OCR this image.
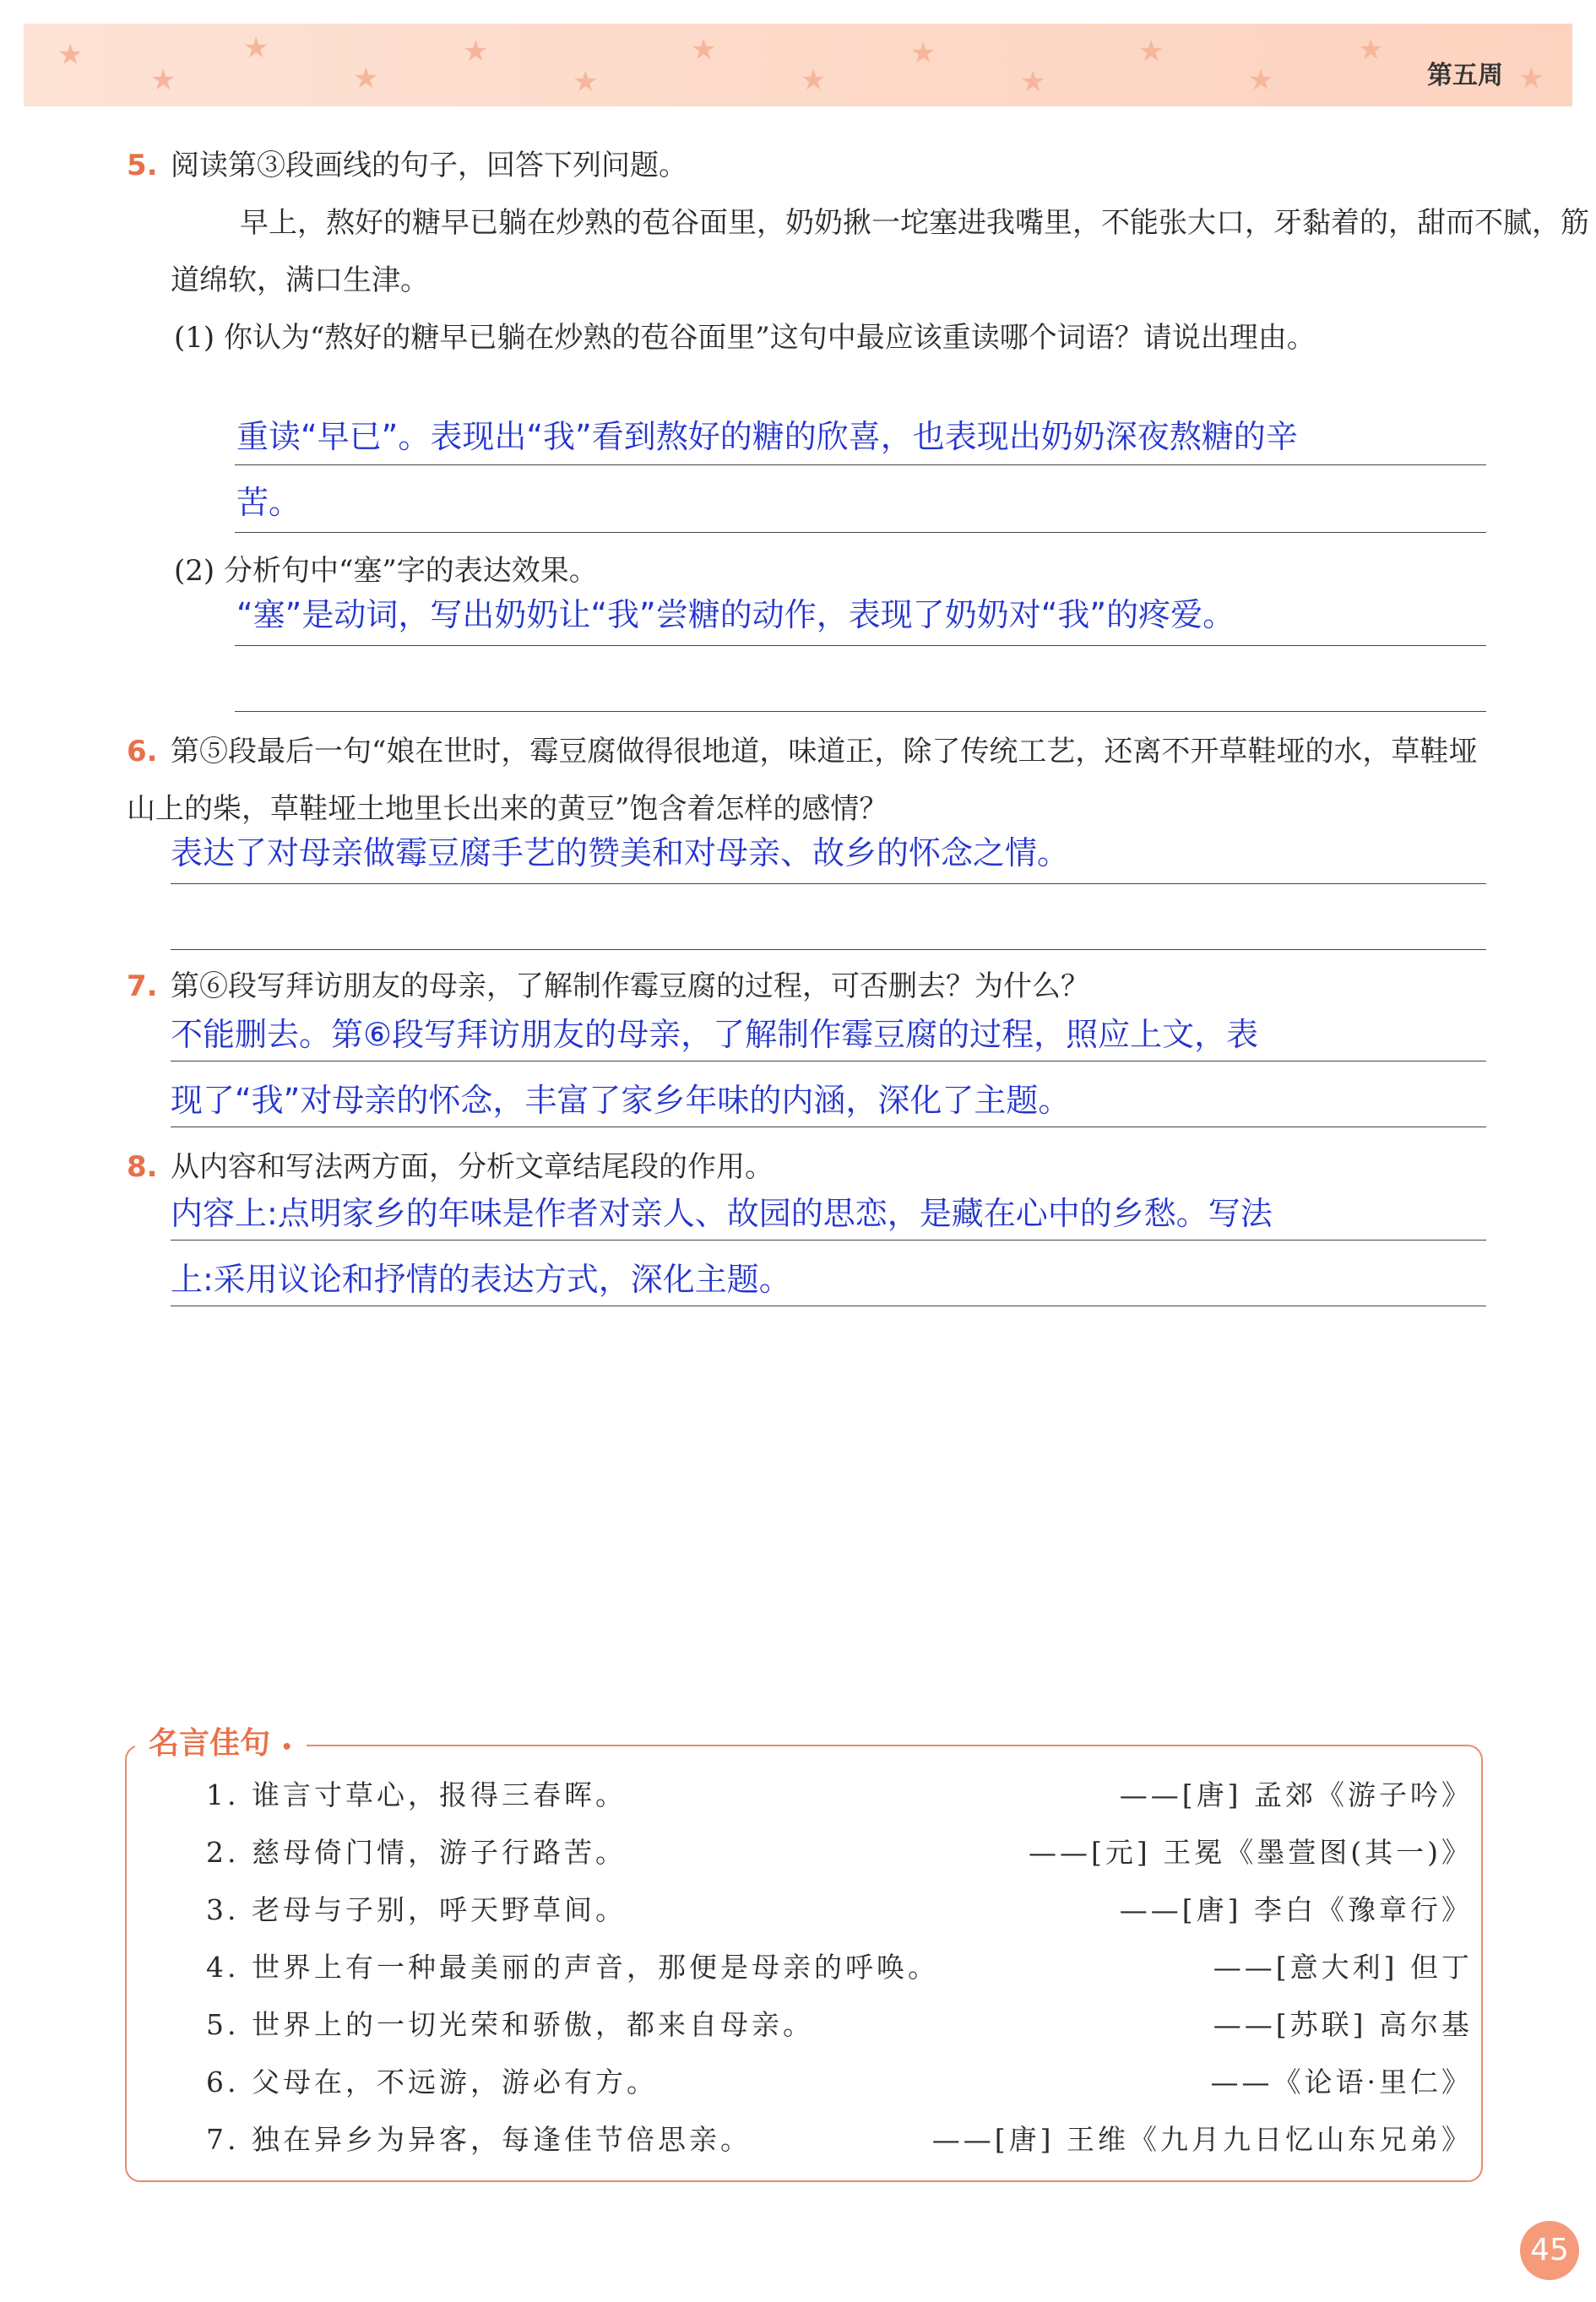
★
★
★
★
★
★
★
★
★
★
★
★
★
★
第五周
5. 阅读第③段画线的句子，回答下列问题。
早上，熬好的糖早已躺在炒熟的苞谷面里，奶奶揪一坨塞进我嘴里，不能张大口，牙黏着的，甜而不腻，筋道绵软，满口生津。
(1) 你认为“熬好的糖早已躺在炒熟的苞谷面里”这句中最应该重读哪个词语？请说出理由。
重读“早已”。表现出“我”看到熬好的糖的欣喜，也表现出奶奶深夜熬糖的辛
苦。
(2) 分析句中“塞”字的表达效果。
“塞”是动词，写出奶奶让“我”尝糖的动作，表现了奶奶对“我”的疼爱。
6. 第⑤段最后一句“娘在世时，霉豆腐做得很地道，味道正，除了传统工艺，还离不开草鞋垭的水，草鞋垭山上的柴，草鞋垭土地里长出来的黄豆”饱含着怎样的感情？
表达了对母亲做霉豆腐手艺的赞美和对母亲、故乡的怀念之情。
7. 第⑥段写拜访朋友的母亲，了解制作霉豆腐的过程，可否删去？为什么？
不能删去。第⑥段写拜访朋友的母亲，了解制作霉豆腐的过程，照应上文，表
现了“我”对母亲的怀念，丰富了家乡年味的内涵，深化了主题。
8. 从内容和写法两方面，分析文章结尾段的作用。
内容上:点明家乡的年味是作者对亲人、故园的思恋，是藏在心中的乡愁。写法
上:采用议论和抒情的表达方式，深化主题。
名言佳句 •
1. 谁言寸草心，报得三春晖。	——[唐] 孟郊《游子吟》
2. 慈母倚门情，游子行路苦。	——[元] 王冕《墨萱图(其一)》
3. 老母与子别，呼天野草间。	——[唐] 李白《豫章行》
4. 世界上有一种最美丽的声音，那便是母亲的呼唤。	——[意大利] 但丁
5. 世界上的一切光荣和骄傲，都来自母亲。	——[苏联] 高尔基
6. 父母在，不远游，游必有方。	——《论语·里仁》
7. 独在异乡为异客，每逢佳节倍思亲。	——[唐] 王维《九月九日忆山东兄弟》
45
